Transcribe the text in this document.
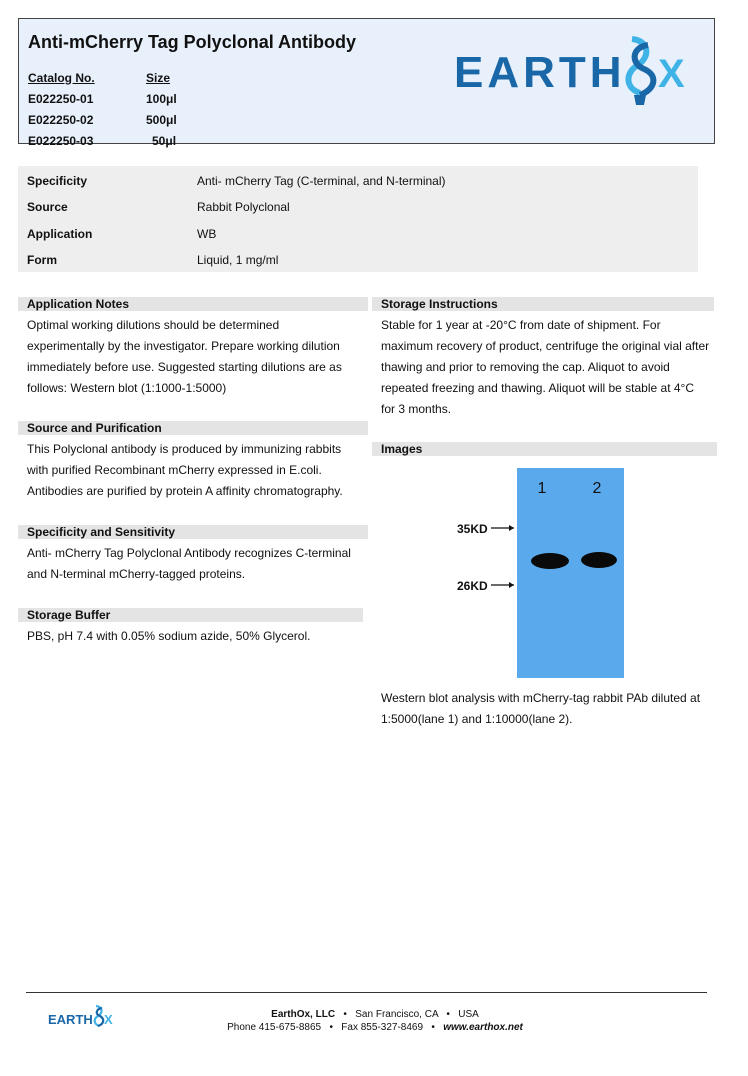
Anti-mCherry Tag Polyclonal Antibody
Catalog No.	Size
E022250-01	100μl
E022250-02	500μl
E022250-03	50μl
EARTH X
Specificity	Anti- mCherry Tag (C-terminal, and N-terminal)
Source	Rabbit Polyclonal
Application	WB
Form	Liquid, 1 mg/ml
Application Notes
Optimal working dilutions should be determined
experimentally by the investigator. Prepare working dilution
immediately before use. Suggested starting dilutions are as
follows: Western blot (1:1000-1:5000)
Source and Purification
This Polyclonal antibody is produced by immunizing rabbits
with purified Recombinant mCherry expressed in E.coli.
Antibodies are purified by protein A affinity chromatography.
Specificity and Sensitivity
Anti- mCherry Tag Polyclonal Antibody recognizes C-terminal
and N-terminal mCherry-tagged proteins.
Storage Buffer
PBS, pH 7.4 with 0.05% sodium azide, 50% Glycerol.
Storage Instructions
Stable for 1 year at -20°C from date of shipment. For
maximum recovery of product, centrifuge the original vial after
thawing and prior to removing the cap. Aliquot to avoid
repeated freezing and thawing. Aliquot will be stable at 4°C
for 3 months.
Images
1	2
35KD
26KD
Western blot analysis with mCherry-tag rabbit PAb diluted at
1:5000(lane 1) and 1:10000(lane 2).
EARTH X	EarthOx, LLC • San Francisco, CA • USA
Phone 415-675-8865 • Fax 855-327-8469 • www.earthox.net
